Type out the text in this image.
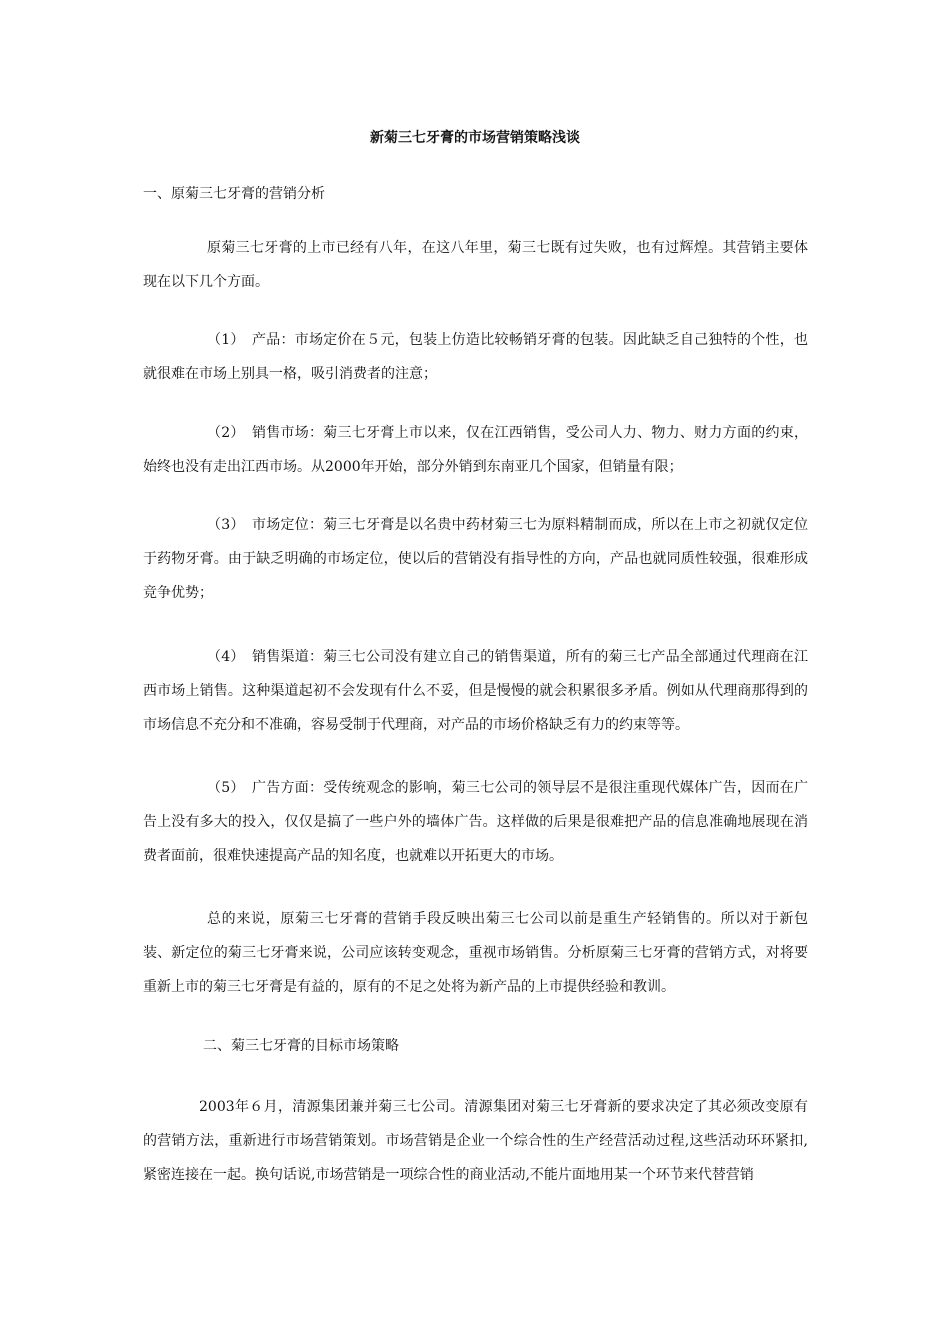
新菊三七牙膏的市场营销策略浅谈
一、原菊三七牙膏的营销分析
原菊三七牙膏的上市已经有八年，在这八年里，菊三七既有过失败，也有过辉煌。其营销主要体现在以下几个方面。
（1）　产品：市场定价在５元，包装上仿造比较畅销牙膏的包装。因此缺乏自己独特的个性，也就很难在市场上别具一格，吸引消费者的注意；
（2）　销售市场：菊三七牙膏上市以来，仅在江西销售，受公司人力、物力、财力方面的约束，始终也没有走出江西市场。从2000年开始，部分外销到东南亚几个国家，但销量有限；
（3）　市场定位：菊三七牙膏是以名贵中药材菊三七为原料精制而成，所以在上市之初就仅定位于药物牙膏。由于缺乏明确的市场定位，使以后的营销没有指导性的方向，产品也就同质性较强，很难形成竞争优势；
（4）　销售渠道：菊三七公司没有建立自己的销售渠道，所有的菊三七产品全部通过代理商在江西市场上销售。这种渠道起初不会发现有什么不妥，但是慢慢的就会积累很多矛盾。例如从代理商那得到的市场信息不充分和不准确，容易受制于代理商，对产品的市场价格缺乏有力的约束等等。
（5）　广告方面：受传统观念的影响，菊三七公司的领导层不是很注重现代媒体广告，因而在广告上没有多大的投入，仅仅是搞了一些户外的墙体广告。这样做的后果是很难把产品的信息准确地展现在消费者面前，很难快速提高产品的知名度，也就难以开拓更大的市场。
总的来说，原菊三七牙膏的营销手段反映出菊三七公司以前是重生产轻销售的。所以对于新包装、新定位的菊三七牙膏来说，公司应该转变观念，重视市场销售。分析原菊三七牙膏的营销方式，对将要重新上市的菊三七牙膏是有益的，原有的不足之处将为新产品的上市提供经验和教训。
二、菊三七牙膏的目标市场策略
2003年６月，清源集团兼并菊三七公司。清源集团对菊三七牙膏新的要求决定了其必须改变原有的营销方法，重新进行市场营销策划。市场营销是企业一个综合性的生产经营活动过程,这些活动环环紧扣,紧密连接在一起。换句话说,市场营销是一项综合性的商业活动,不能片面地用某一个环节来代替营销
